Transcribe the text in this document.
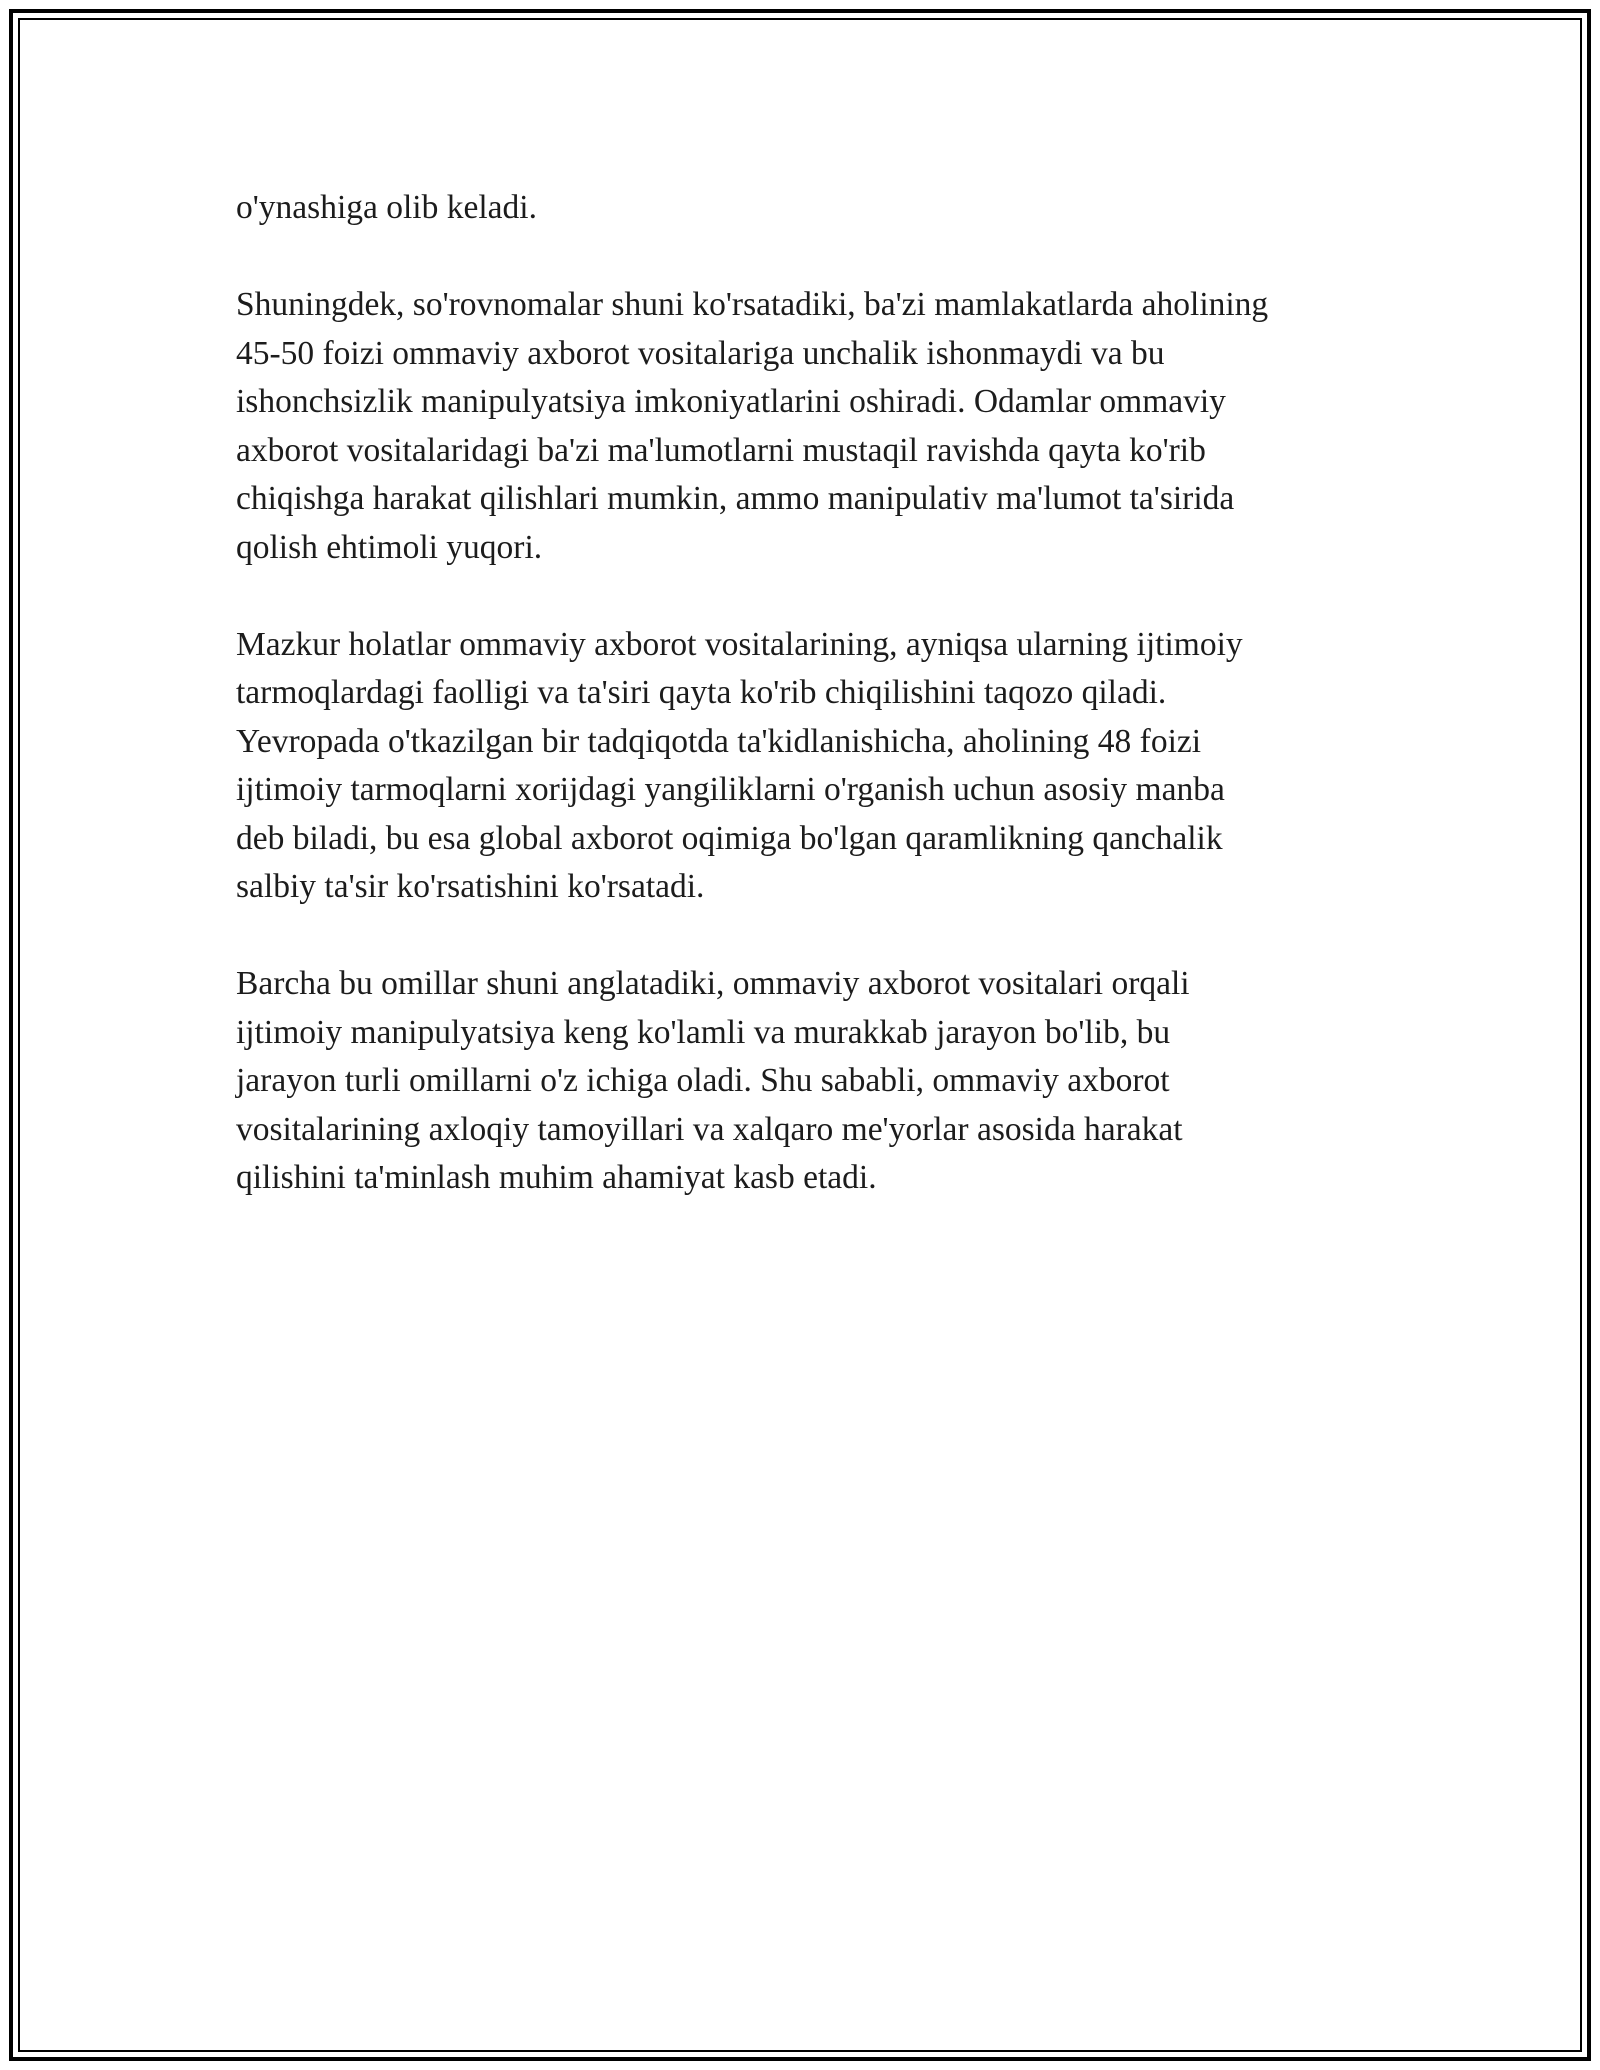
o'ynashiga olib keladi.

Shuningdek, so'rovnomalar shuni ko'rsatadiki, ba'zi mamlakatlarda aholining
45-50 foizi ommaviy axborot vositalariga unchalik ishonmaydi va bu
ishonchsizlik manipulyatsiya imkoniyatlarini oshiradi. Odamlar ommaviy
axborot vositalaridagi ba'zi ma'lumotlarni mustaqil ravishda qayta ko'rib
chiqishga harakat qilishlari mumkin, ammo manipulativ ma'lumot ta'sirida
qolish ehtimoli yuqori.

Mazkur holatlar ommaviy axborot vositalarining, ayniqsa ularning ijtimoiy
tarmoqlardagi faolligi va ta'siri qayta ko'rib chiqilishini taqozo qiladi.
Yevropada o'tkazilgan bir tadqiqotda ta'kidlanishicha, aholining 48 foizi
ijtimoiy tarmoqlarni xorijdagi yangiliklarni o'rganish uchun asosiy manba
deb biladi, bu esa global axborot oqimiga bo'lgan qaramlikning qanchalik
salbiy ta'sir ko'rsatishini ko'rsatadi.

Barcha bu omillar shuni anglatadiki, ommaviy axborot vositalari orqali
ijtimoiy manipulyatsiya keng ko'lamli va murakkab jarayon bo'lib, bu
jarayon turli omillarni o'z ichiga oladi. Shu sababli, ommaviy axborot
vositalarining axloqiy tamoyillari va xalqaro me'yorlar asosida harakat
qilishini ta'minlash muhim ahamiyat kasb etadi.
